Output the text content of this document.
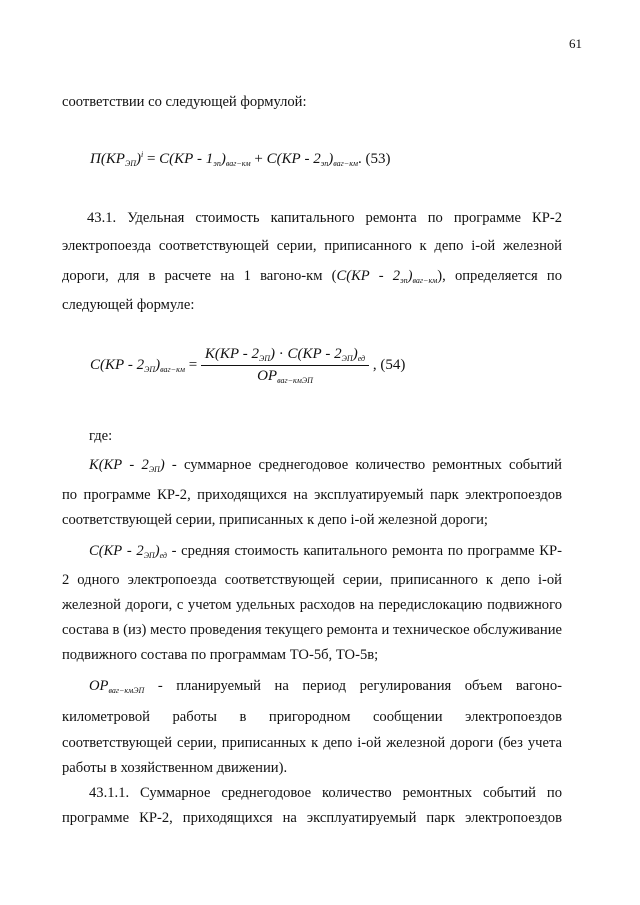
61

соответствии со следующей формулой:

$П(КР_{ЭП})^i = C(КР - 1_{эп})_{ваг-км} + C(КР - 2_{эп})_{ваг-км}$. (53)
43.1. Удельная стоимость капитального ремонта по программе КР-2
электропоезда соответствующей серии, приписанного к депо i-ой железной
дороги, для в расчете на 1 вагоно-км $(C(КР - 2_{эп})_{ваг-км})$, определяется по
следующей формуле:
$C(КР - 2_{ЭП})_{ваг-км} = \frac{K(КР - 2_{ЭП}) \cdot C(КР - 2_{ЭП})_{ед}}{ОР_{ваг-кмЭП}}$ , (54)
где:
$K(КР - 2_{ЭП})$ - суммарное среднегодовое количество ремонтных событий
по программе КР-2, приходящихся на эксплуатируемый парк электропоездов
соответствующей серии, приписанных к депо i-ой железной дороги;
$C(КР - 2_{ЭП})_{ед}$ - средняя стоимость капитального ремонта по программе КР-
2 одного электропоезда соответствующей серии, приписанного к депо i-ой
железной дороги, с учетом удельных расходов на передислокацию подвижного
состава в (из) место проведения текущего ремонта и техническое обслуживание
подвижного состава по программам ТО-5б, ТО-5в;
$ОР_{ваг-кмЭП}$ - планируемый на период регулирования объем вагоно-
километровой работы в пригородном сообщении электропоездов
соответствующей серии, приписанных к депо i-ой железной дороги (без учета
работы в хозяйственном движении).
43.1.1. Суммарное среднегодовое количество ремонтных событий по
программе КР-2, приходящихся на эксплуатируемый парк электропоездов
